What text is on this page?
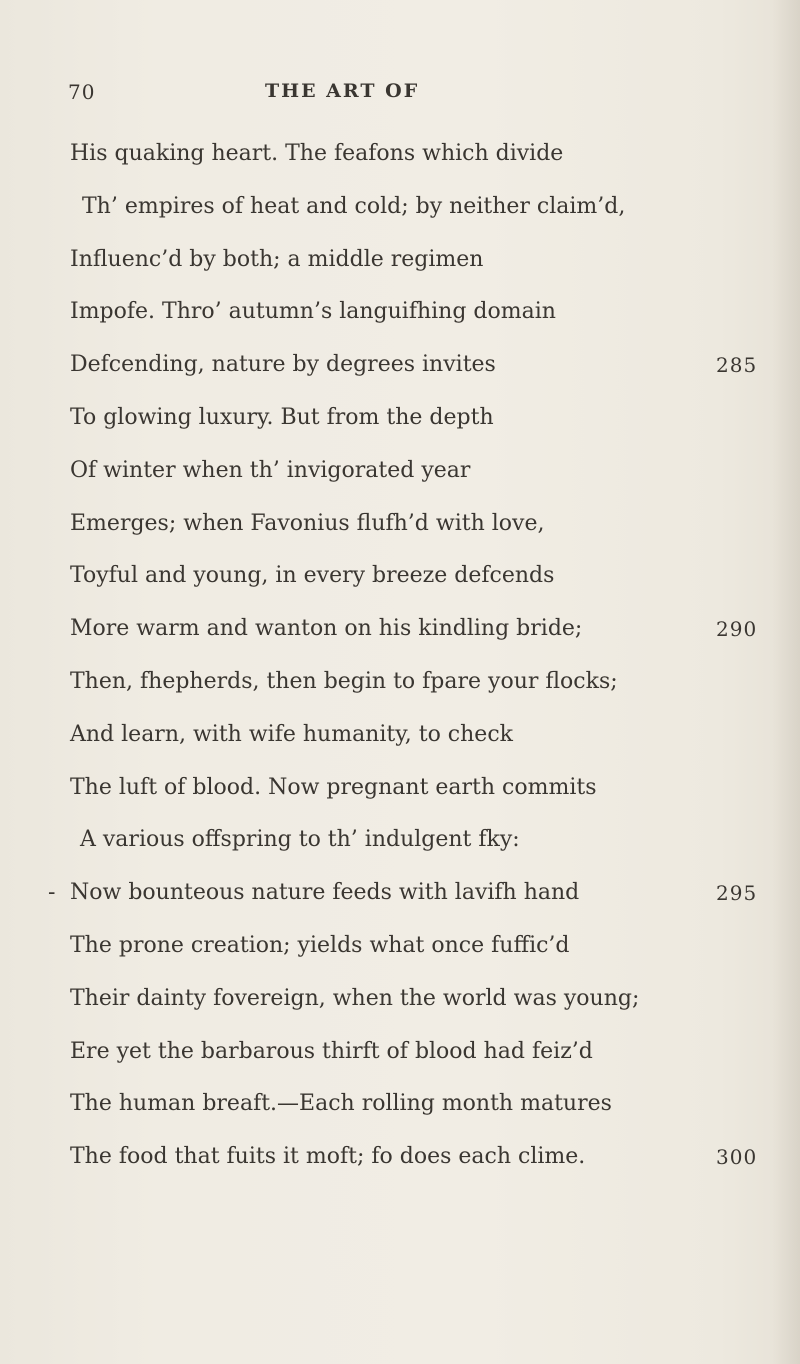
70	THE ART OF
His quaking heart. The feafons which divide
Th’ empires of heat and cold; by neither claim’d,
Influenc’d by both; a middle regimen
Impofe. Thro’ autumn’s languifhing domain
Defcending, nature by degrees invites	285
To glowing luxury. But from the depth
Of winter when th’ invigorated year
Emerges; when Favonius flufh’d with love,
Toyful and young, in every breeze defcends
More warm and wanton on his kindling bride;	290
Then, fhepherds, then begin to fpare your flocks;
And learn, with wife humanity, to check
The luft of blood. Now pregnant earth commits
A various offspring to th’ indulgent fky:
- Now bounteous nature feeds with lavifh hand	295
The prone creation; yields what once fuffic’d
Their dainty fovereign, when the world was young;
Ere yet the barbarous thirft of blood had feiz’d
The human breaft.—Each rolling month matures
The food that fuits it moft; fo does each clime.	300
